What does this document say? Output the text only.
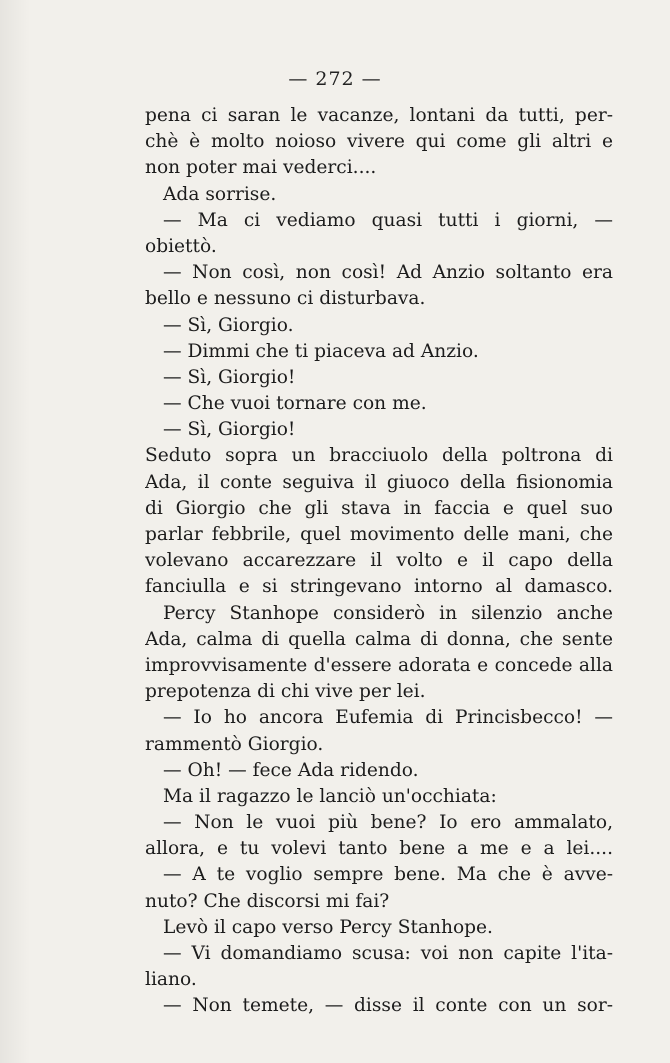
— 272 —
pena ci saran le vacanze, lontani da tutti, per-
chè è molto noioso vivere qui come gli altri e
non poter mai vederci....
Ada sorrise.
— Ma ci vediamo quasi tutti i giorni, —
obiettò.
— Non così, non così! Ad Anzio soltanto era
bello e nessuno ci disturbava.
— Sì, Giorgio.
— Dimmi che ti piaceva ad Anzio.
— Sì, Giorgio!
— Che vuoi tornare con me.
— Sì, Giorgio!
Seduto sopra un bracciuolo della poltrona di
Ada, il conte seguiva il giuoco della fisionomia
di Giorgio che gli stava in faccia e quel suo
parlar febbrile, quel movimento delle mani, che
volevano accarezzare il volto e il capo della
fanciulla e si stringevano intorno al damasco.
Percy Stanhope considerò in silenzio anche
Ada, calma di quella calma di donna, che sente
improvvisamente d'essere adorata e concede alla
prepotenza di chi vive per lei.
— Io ho ancora Eufemia di Princisbecco! —
rammentò Giorgio.
— Oh! — fece Ada ridendo.
Ma il ragazzo le lanciò un'occhiata:
— Non le vuoi più bene? Io ero ammalato,
allora, e tu volevi tanto bene a me e a lei....
— A te voglio sempre bene. Ma che è avve-
nuto? Che discorsi mi fai?
Levò il capo verso Percy Stanhope.
— Vi domandiamo scusa: voi non capite l'ita-
liano.
— Non temete, — disse il conte con un sor-
